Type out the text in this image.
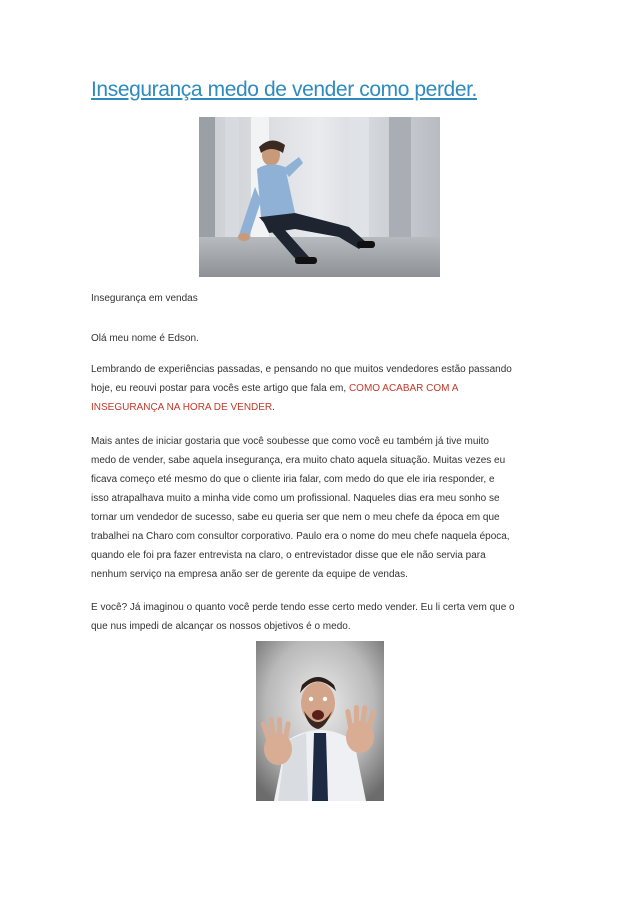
Insegurança medo de vender como perder.

Insegurança em vendas

Olá meu nome é Edson.

Lembrando de experiências passadas, e pensando no que muitos vendedores estão passando

hoje, eu reouvi postar para vocês este artigo que fala em, COMO ACABAR COM A

INSEGURANÇA NA HORA DE VENDER.

Mais antes de iniciar gostaria que você soubesse que como você eu também já tive muito

medo de vender, sabe aquela insegurança, era muito chato aquela situação. Muitas vezes eu

ficava começo eté mesmo do que o cliente iria falar, com medo do que ele iria responder, e

isso atrapalhava muito a minha vide como um profissional. Naqueles dias era meu sonho se

tornar um vendedor de sucesso, sabe eu queria ser que nem o meu chefe da época em que

trabalhei na Charo com consultor corporativo. Paulo era o nome do meu chefe naquela época,

quando ele foi pra fazer entrevista na claro, o entrevistador disse que ele não servia para

nenhum serviço na empresa anão ser de gerente da equipe de vendas.

E você? Já imaginou o quanto você perde tendo esse certo medo vender. Eu li certa vem que o

que nus impedi de alcançar os nossos objetivos é o medo.
